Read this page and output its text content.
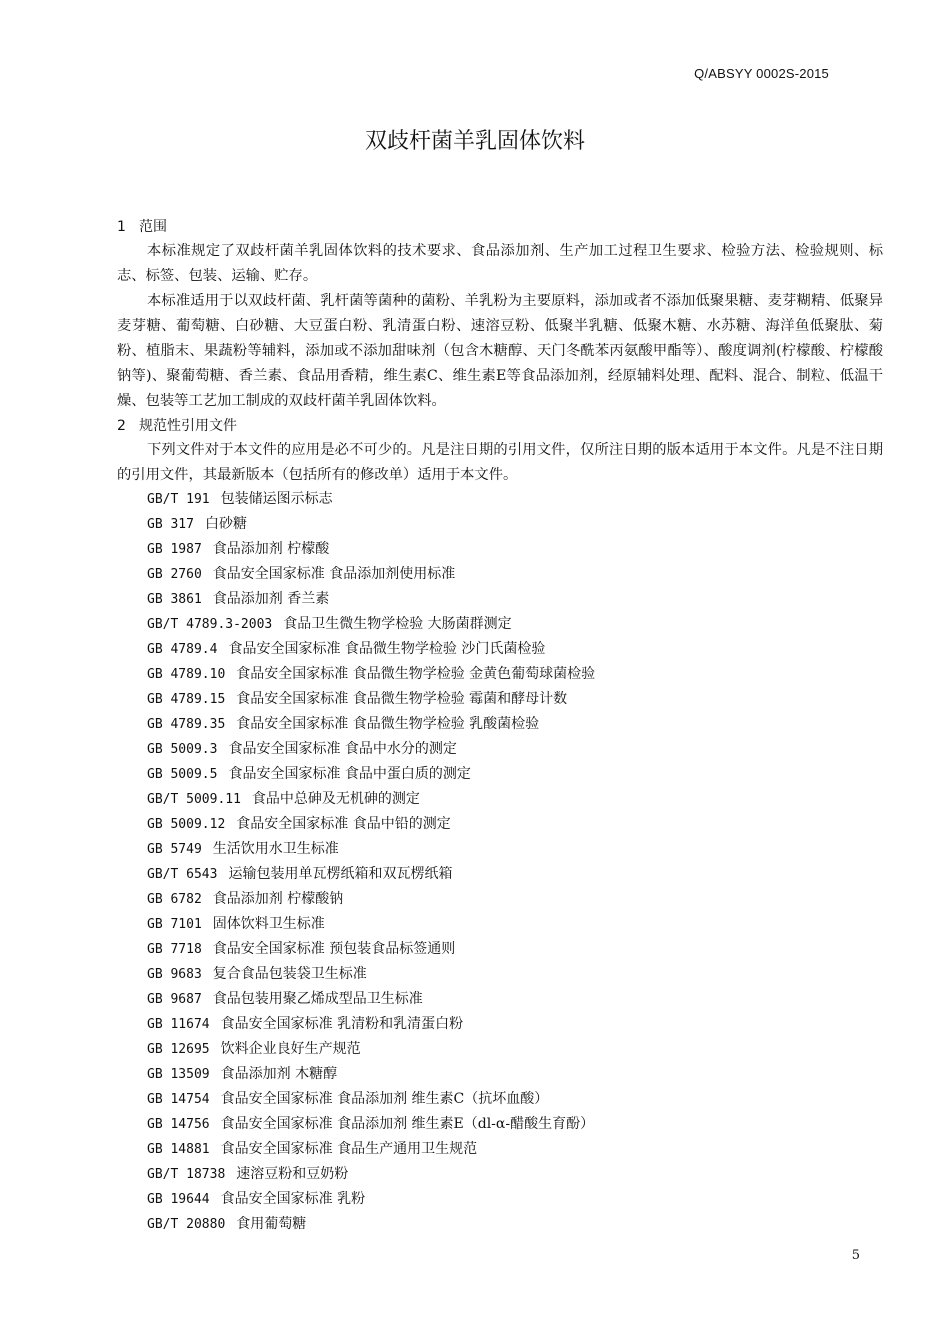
Q/ABSYY 0002S-2015
双歧杆菌羊乳固体饮料
1 范围
本标准规定了双歧杆菌羊乳固体饮料的技术要求、食品添加剂、生产加工过程卫生要求、检验方法、检验规则、标志、标签、包装、运输、贮存。
本标准适用于以双歧杆菌、乳杆菌等菌种的菌粉、羊乳粉为主要原料，添加或者不添加低聚果糖、麦芽糊精、低聚异麦芽糖、葡萄糖、白砂糖、大豆蛋白粉、乳清蛋白粉、速溶豆粉、低聚半乳糖、低聚木糖、水苏糖、海洋鱼低聚肽、菊粉、植脂末、果蔬粉等辅料，添加或不添加甜味剂（包含木糖醇、天门冬酰苯丙氨酸甲酯等）、酸度调剂(柠檬酸、柠檬酸钠等)、聚葡萄糖、香兰素、食品用香精，维生素C、维生素E等食品添加剂，经原辅料处理、配料、混合、制粒、低温干燥、包装等工艺加工制成的双歧杆菌羊乳固体饮料。
2 规范性引用文件
下列文件对于本文件的应用是必不可少的。凡是注日期的引用文件，仅所注日期的版本适用于本文件。凡是不注日期的引用文件，其最新版本（包括所有的修改单）适用于本文件。
GB/T 191 包装储运图示标志
GB 317 白砂糖
GB 1987 食品添加剂 柠檬酸
GB 2760 食品安全国家标准 食品添加剂使用标准
GB 3861 食品添加剂 香兰素
GB/T 4789.3-2003 食品卫生微生物学检验 大肠菌群测定
GB 4789.4 食品安全国家标准 食品微生物学检验 沙门氏菌检验
GB 4789.10 食品安全国家标准 食品微生物学检验 金黄色葡萄球菌检验
GB 4789.15 食品安全国家标准 食品微生物学检验 霉菌和酵母计数
GB 4789.35 食品安全国家标准 食品微生物学检验 乳酸菌检验
GB 5009.3 食品安全国家标准 食品中水分的测定
GB 5009.5 食品安全国家标准 食品中蛋白质的测定
GB/T 5009.11 食品中总砷及无机砷的测定
GB 5009.12 食品安全国家标准 食品中铅的测定
GB 5749 生活饮用水卫生标准
GB/T 6543 运输包装用单瓦楞纸箱和双瓦楞纸箱
GB 6782 食品添加剂 柠檬酸钠
GB 7101 固体饮料卫生标准
GB 7718 食品安全国家标准 预包装食品标签通则
GB 9683 复合食品包装袋卫生标准
GB 9687 食品包装用聚乙烯成型品卫生标准
GB 11674 食品安全国家标准 乳清粉和乳清蛋白粉
GB 12695 饮料企业良好生产规范
GB 13509 食品添加剂 木糖醇
GB 14754 食品安全国家标准 食品添加剂 维生素C（抗坏血酸）
GB 14756 食品安全国家标准 食品添加剂 维生素E（dl-α-醋酸生育酚）
GB 14881 食品安全国家标准 食品生产通用卫生规范
GB/T 18738 速溶豆粉和豆奶粉
GB 19644 食品安全国家标准 乳粉
GB/T 20880 食用葡萄糖
5
